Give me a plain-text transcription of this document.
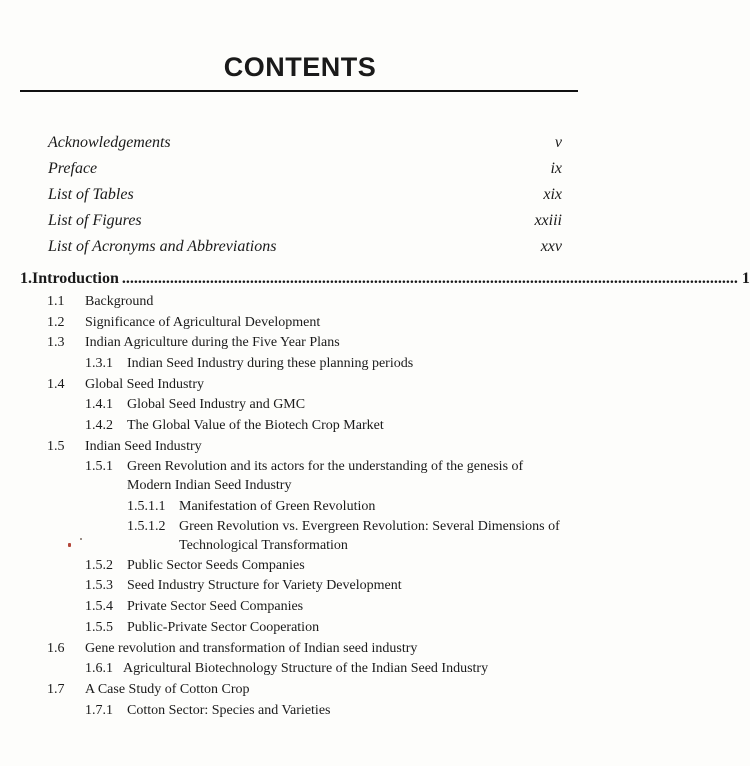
CONTENTS
Acknowledgements	v
Preface	ix
List of Tables	xix
List of Figures	xxiii
List of Acronyms and Abbreviations	xxv
1. Introduction .......................................................................................................................................................... 1
1.1 Background
1.2 Significance of Agricultural Development
1.3 Indian Agriculture during the Five Year Plans
1.3.1 Indian Seed Industry during these planning periods
1.4 Global Seed Industry
1.4.1 Global Seed Industry and GMC
1.4.2 The Global Value of the Biotech Crop Market
1.5 Indian Seed Industry
1.5.1 Green Revolution and its actors for the understanding of the genesis of Modern Indian Seed Industry
1.5.1.1 Manifestation of Green Revolution
1.5.1.2 Green Revolution vs. Evergreen Revolution: Several Dimensions of Technological Transformation
1.5.2 Public Sector Seeds Companies
1.5.3 Seed Industry Structure for Variety Development
1.5.4 Private Sector Seed Companies
1.5.5 Public-Private Sector Cooperation
1.6 Gene revolution and transformation of Indian seed industry
1.6.1 Agricultural Biotechnology Structure of the Indian Seed Industry
1.7 A Case Study of Cotton Crop
1.7.1 Cotton Sector: Species and Varieties
